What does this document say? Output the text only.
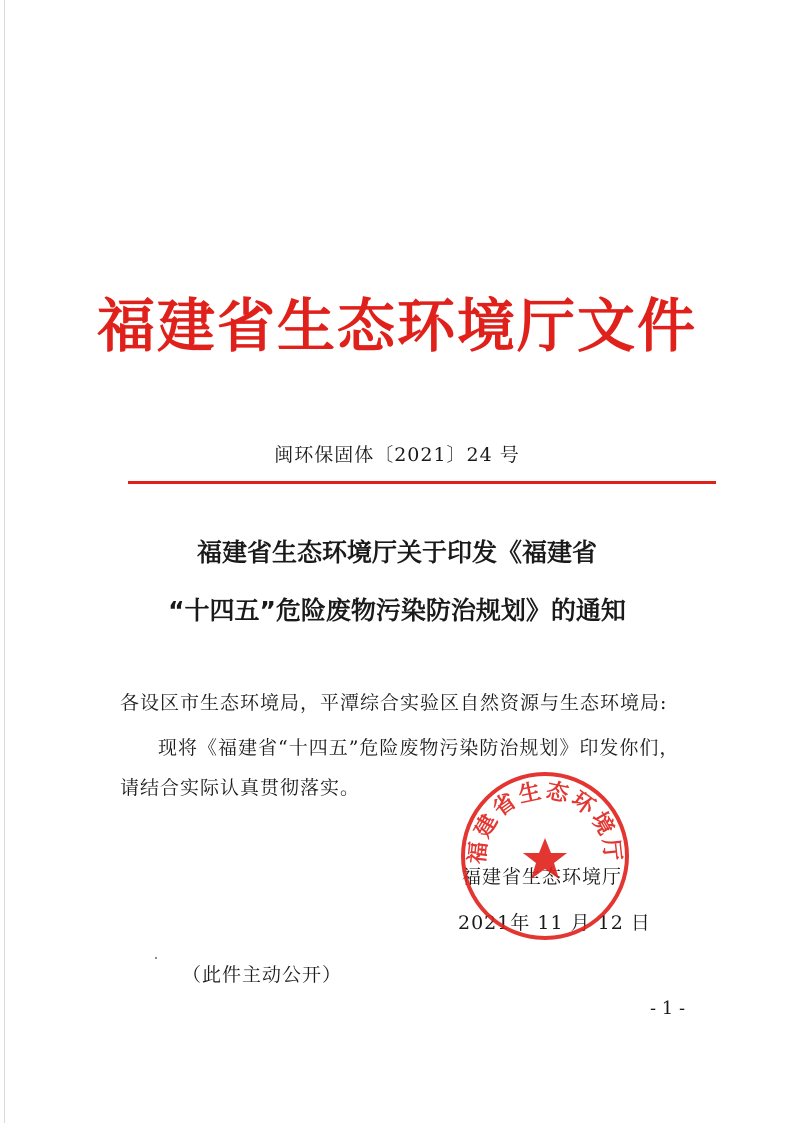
福建省生态环境厅文件
闽环保固体〔2021〕24 号
福建省生态环境厅关于印发《福建省
“十四五”危险废物污染防治规划》的通知
各设区市生态环境局，平潭综合实验区自然资源与生态环境局:
现将《福建省“十四五”危险废物污染防治规划》印发你们，
请结合实际认真贯彻落实。
福建省生态环境厅
2021年 11 月 12 日
福建省生态环境厅
（此件主动公开）
- 1 -
